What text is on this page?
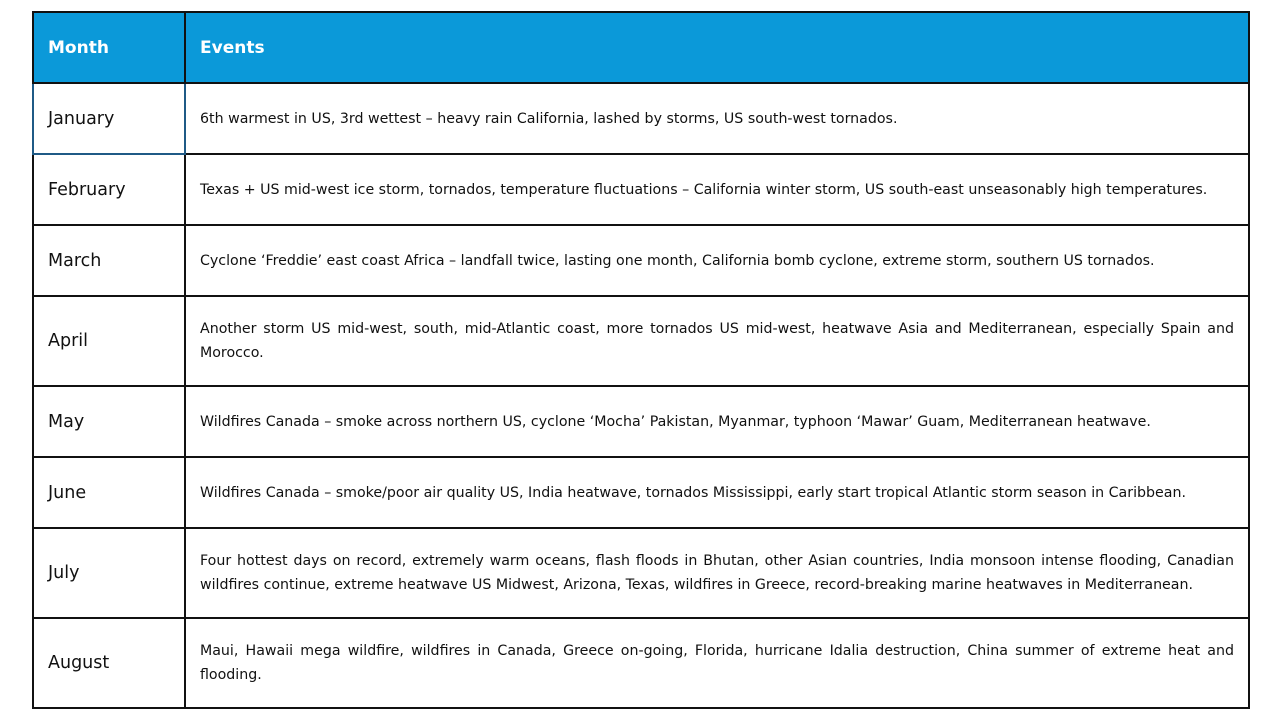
Month	Events
January	6th warmest in US, 3rd wettest – heavy rain California, lashed by storms, US south-west tornados.
February	Texas + US mid-west ice storm, tornados, temperature fluctuations – California winter storm, US south-east unseasonably high temperatures.
March	Cyclone ‘Freddie’ east coast Africa – landfall twice, lasting one month, California bomb cyclone, extreme storm, southern US tornados.
April	Another storm US mid-west, south, mid-Atlantic coast, more tornados US mid-west, heatwave Asia and Mediterranean, especially Spain and Morocco.
May	Wildfires Canada – smoke across northern US, cyclone ‘Mocha’ Pakistan, Myanmar, typhoon ‘Mawar’ Guam, Mediterranean heatwave.
June	Wildfires Canada – smoke/poor air quality US, India heatwave, tornados Mississippi, early start tropical Atlantic storm season in Caribbean.
July	Four hottest days on record, extremely warm oceans, flash floods in Bhutan, other Asian countries, India monsoon intense flooding, Canadian wildfires continue, extreme heatwave US Midwest, Arizona, Texas, wildfires in Greece, record-breaking marine heatwaves in Mediterranean.
August	Maui, Hawaii mega wildfire, wildfires in Canada, Greece on-going, Florida, hurricane Idalia destruction, China summer of extreme heat and flooding.
